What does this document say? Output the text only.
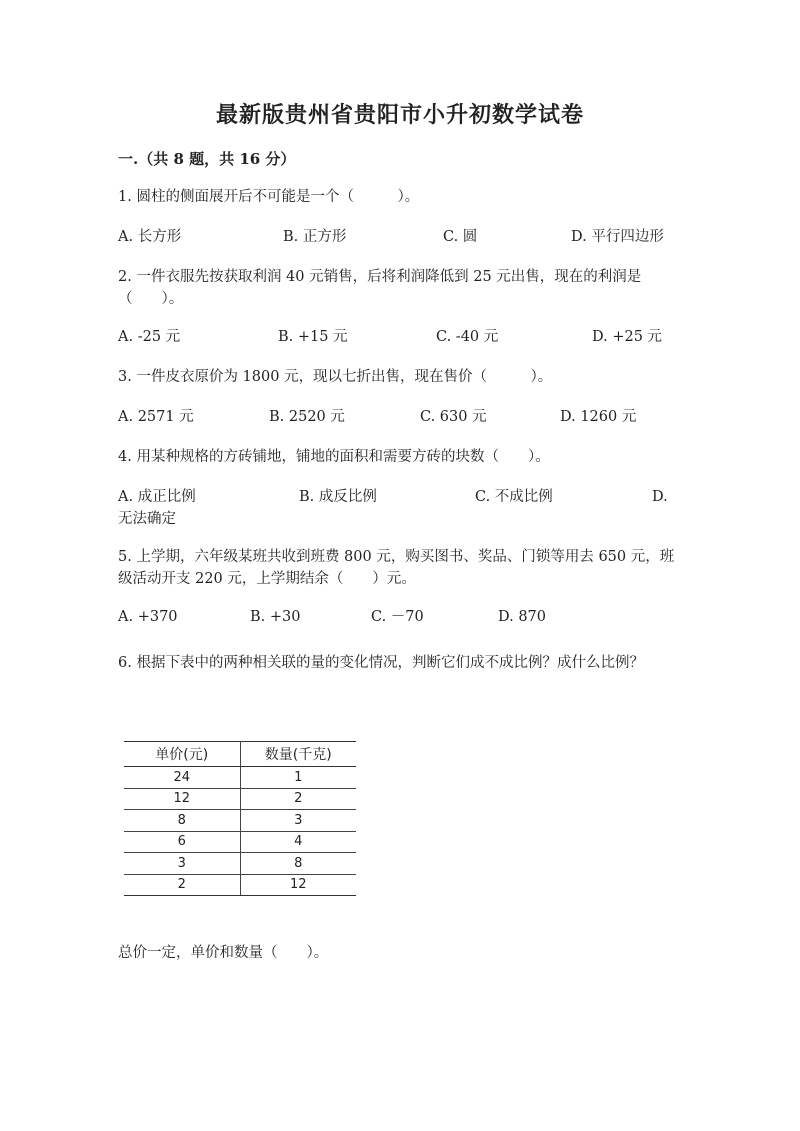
最新版贵州省贵阳市小升初数学试卷
一.（共 8 题，共 16 分）
1. 圆柱的侧面展开后不可能是一个（　　　）。
A. 长方形	B. 正方形	C. 圆	D. 平行四边形
2. 一件衣服先按获取利润 40 元销售，后将利润降低到 25 元出售，现在的利润是（　　）。
A. -25 元	B. +15 元	C. -40 元	D. +25 元
3. 一件皮衣原价为 1800 元，现以七折出售，现在售价（　　　）。
A. 2571 元	B. 2520 元	C. 630 元	D. 1260 元
4. 用某种规格的方砖铺地，铺地的面积和需要方砖的块数（　　）。
A. 成正比例	B. 成反比例	C. 不成比例	D.
无法确定
5. 上学期，六年级某班共收到班费 800 元，购买图书、奖品、门锁等用去 650 元，班级活动开支 220 元，上学期结余（　　）元。
A. +370	B. +30	C. －70	D. 870
6. 根据下表中的两种相关联的量的变化情况，判断它们成不成比例？成什么比例？
单价(元)	数量(千克)
24	1
12	2
8	3
6	4
3	8
2	12
总价一定，单价和数量（　　）。
